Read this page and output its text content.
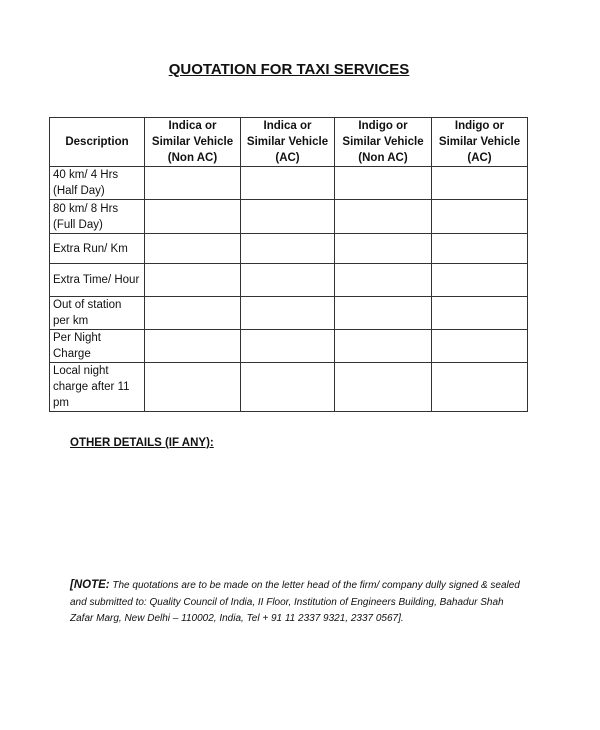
QUOTATION FOR TAXI SERVICES
Description	Indica or Similar Vehicle (Non AC)	Indica or Similar Vehicle (AC)	Indigo or Similar Vehicle (Non AC)	Indigo or Similar Vehicle (AC)
40 km/ 4 Hrs (Half Day)				
80 km/ 8 Hrs (Full Day)				
Extra Run/ Km				
Extra Time/ Hour				
Out of station per km				
Per Night Charge				
Local night charge after 11 pm				
OTHER DETAILS (IF ANY):
[NOTE: The quotations are to be made on the letter head of the firm/ company dully signed & sealed and submitted to: Quality Council of India, II Floor, Institution of Engineers Building, Bahadur Shah Zafar Marg, New Delhi – 110002, India, Tel + 91 11 2337 9321, 2337 0567].
